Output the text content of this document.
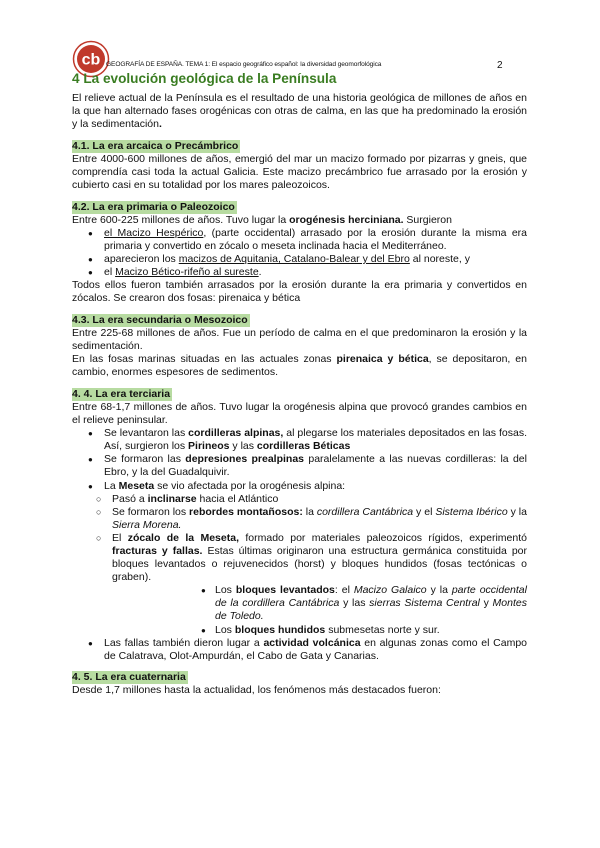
cb GEOGRAFÍA DE ESPAÑA. TEMA 1: El espacio geográfico español: la diversidad geomorfológica	2
4 La evolución geológica de la Península

El relieve actual de la Península es el resultado de una historia geológica de millones de años en la que han alternado fases orogénicas con otras de calma, en las que ha predominado la erosión y la sedimentación.

4.1. La era arcaica o Precámbrico

Entre 4000-600 millones de años, emergió del mar un macizo formado por pizarras y gneis, que comprendía casi toda la actual Galicia. Este macizo precámbrico fue arrasado por la erosión y cubierto casi en su totalidad por los mares paleozoicos.

4.2. La era primaria o Paleozoico

Entre 600-225 millones de años. Tuvo lugar la orogénesis herciniana. Surgieron

● el Macizo Hespérico, (parte occidental) arrasado por la erosión durante la misma era primaria y convertido en zócalo o meseta inclinada hacia el Mediterráneo.
● aparecieron los macizos de Aquitania, Catalano-Balear y del Ebro al noreste, y
● el Macizo Bético-rifeño al sureste.

Todos ellos fueron también arrasados por la erosión durante la era primaria y convertidos en zócalos. Se crearon dos fosas: pirenaica y bética

4.3. La era secundaria o Mesozoico

Entre 225-68 millones de años. Fue un período de calma en el que predominaron la erosión y la sedimentación.

En las fosas marinas situadas en las actuales zonas pirenaica y bética, se depositaron, en cambio, enormes espesores de sedimentos.

4. 4. La era terciaria

Entre 68-1,7 millones de años. Tuvo lugar la orogénesis alpina que provocó grandes cambios en el relieve peninsular.

● Se levantaron las cordilleras alpinas, al plegarse los materiales depositados en las fosas. Así, surgieron los Pirineos y las cordilleras Béticas
● Se formaron las depresiones prealpinas paralelamente a las nuevas cordilleras: la del Ebro, y la del Guadalquivir.
● La Meseta se vio afectada por la orogénesis alpina:
○ Pasó a inclinarse hacia el Atlántico
○ Se formaron los rebordes montañosos: la cordillera Cantábrica y el Sistema Ibérico y la Sierra Morena.
○ El zócalo de la Meseta, formado por materiales paleozoicos rígidos, experimentó fracturas y fallas. Estas últimas originaron una estructura germánica constituida por bloques levantados o rejuvenecidos (horst) y bloques hundidos (fosas tectónicas o graben).
● Los bloques levantados: el Macizo Galaico y la parte occidental de la cordillera Cantábrica y las sierras Sistema Central y Montes de Toledo.
● Los bloques hundidos submesetas norte y sur.
● Las fallas también dieron lugar a actividad volcánica en algunas zonas como el Campo de Calatrava, Olot-Ampurdán, el Cabo de Gata y Canarias.
4. 5. La era cuaternaria

Desde 1,7 millones hasta la actualidad, los fenómenos más destacados fueron:
